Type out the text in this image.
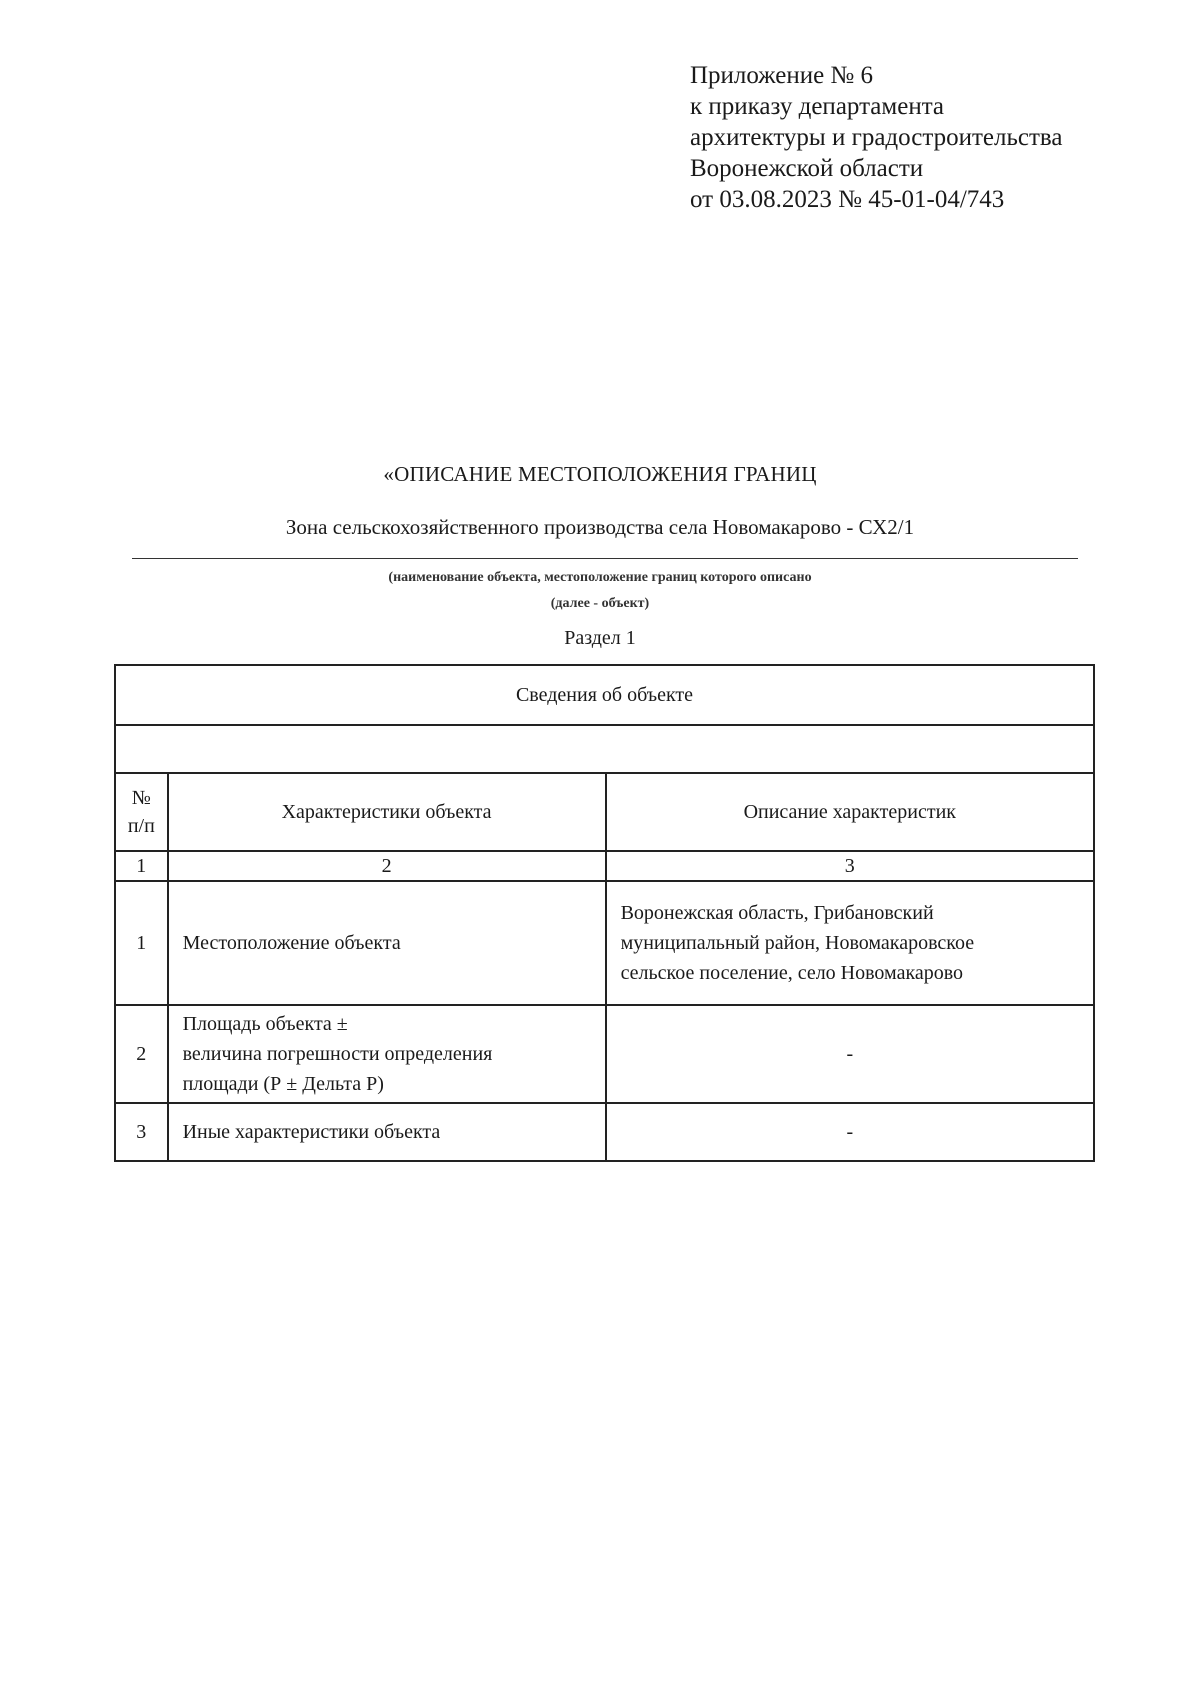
Приложение № 6
к приказу департамента
архитектуры и градостроительства
Воронежской области
от 03.08.2023 № 45-01-04/743
«ОПИСАНИЕ МЕСТОПОЛОЖЕНИЯ ГРАНИЦ
Зона сельскохозяйственного производства села Новомакарово - СХ2/1
(наименование объекта, местоположение границ которого описано
(далее - объект)
Раздел 1
Сведения об объекте		

№
п/п	Характеристики объекта	Описание характеристик
1	2	3
1	Местоположение объекта	Воронежская область, Грибановский
муниципальный район, Новомакаровское
сельское поселение, село Новомакарово

2	Площадь объекта ±
величина погрешности определения
площади (Р ± Дельта Р)	-

3	Иные характеристики объекта	-
